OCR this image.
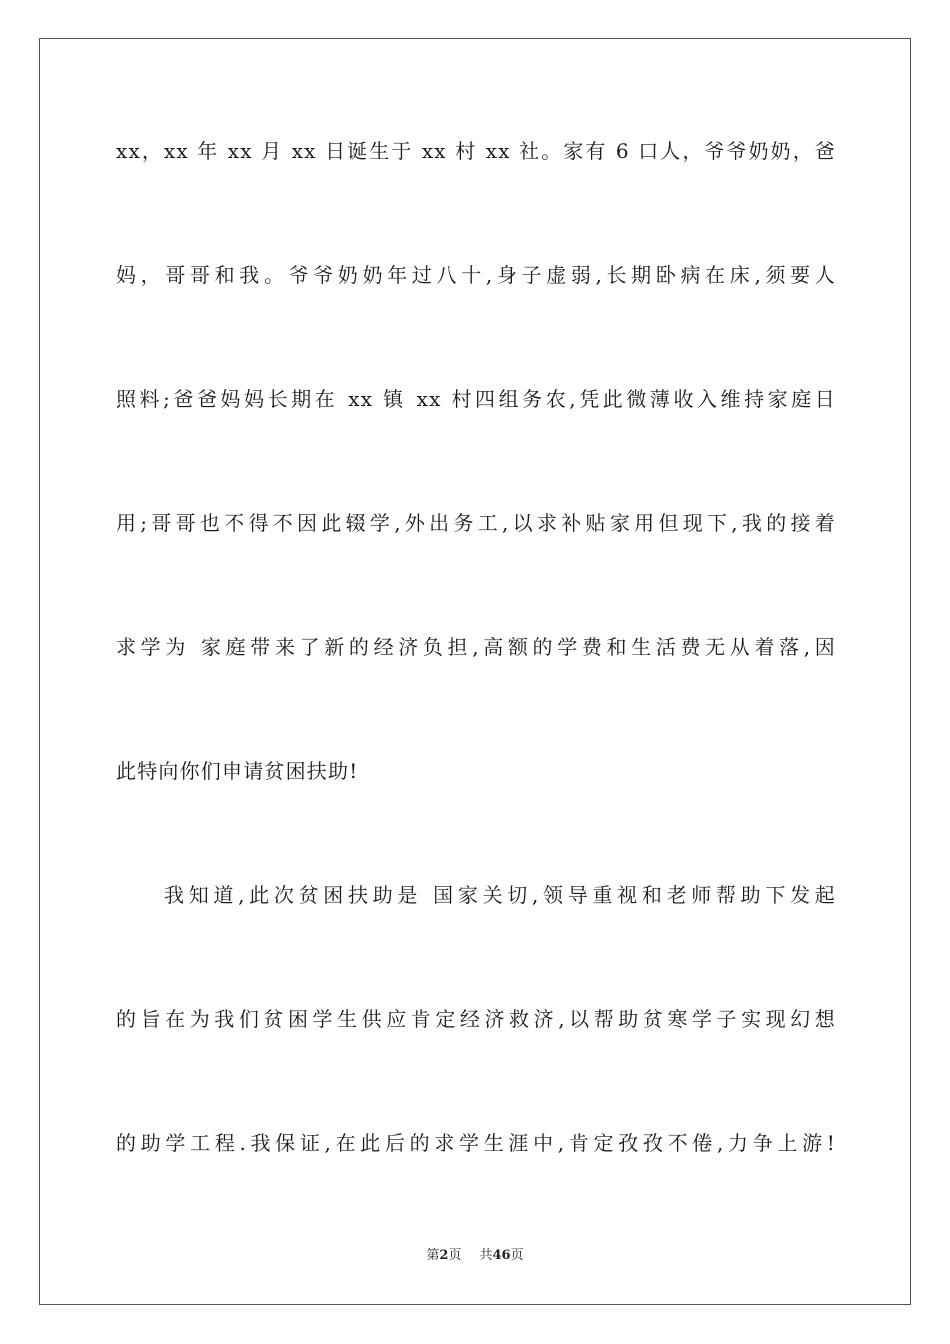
xx，xx 年 xx 月 xx 日诞生于 xx 村 xx 社。家有 6 口人，爷爷奶奶，爸
妈，哥哥和我。爷爷奶奶年过八十,身子虚弱,长期卧病在床,须要人
照料;爸爸妈妈长期在 xx 镇 xx 村四组务农,凭此微薄收入维持家庭日
用;哥哥也不得不因此辍学,外出务工,以求补贴家用但现下,我的接着
求学为 家庭带来了新的经济负担,高额的学费和生活费无从着落,因
此特向你们申请贫困扶助!
我知道,此次贫困扶助是 国家关切,领导重视和老师帮助下发起
的旨在为我们贫困学生供应肯定经济救济,以帮助贫寒学子实现幻想
的助学工程.我保证,在此后的求学生涯中,肯定孜孜不倦,力争上游!
第2页 共46页
